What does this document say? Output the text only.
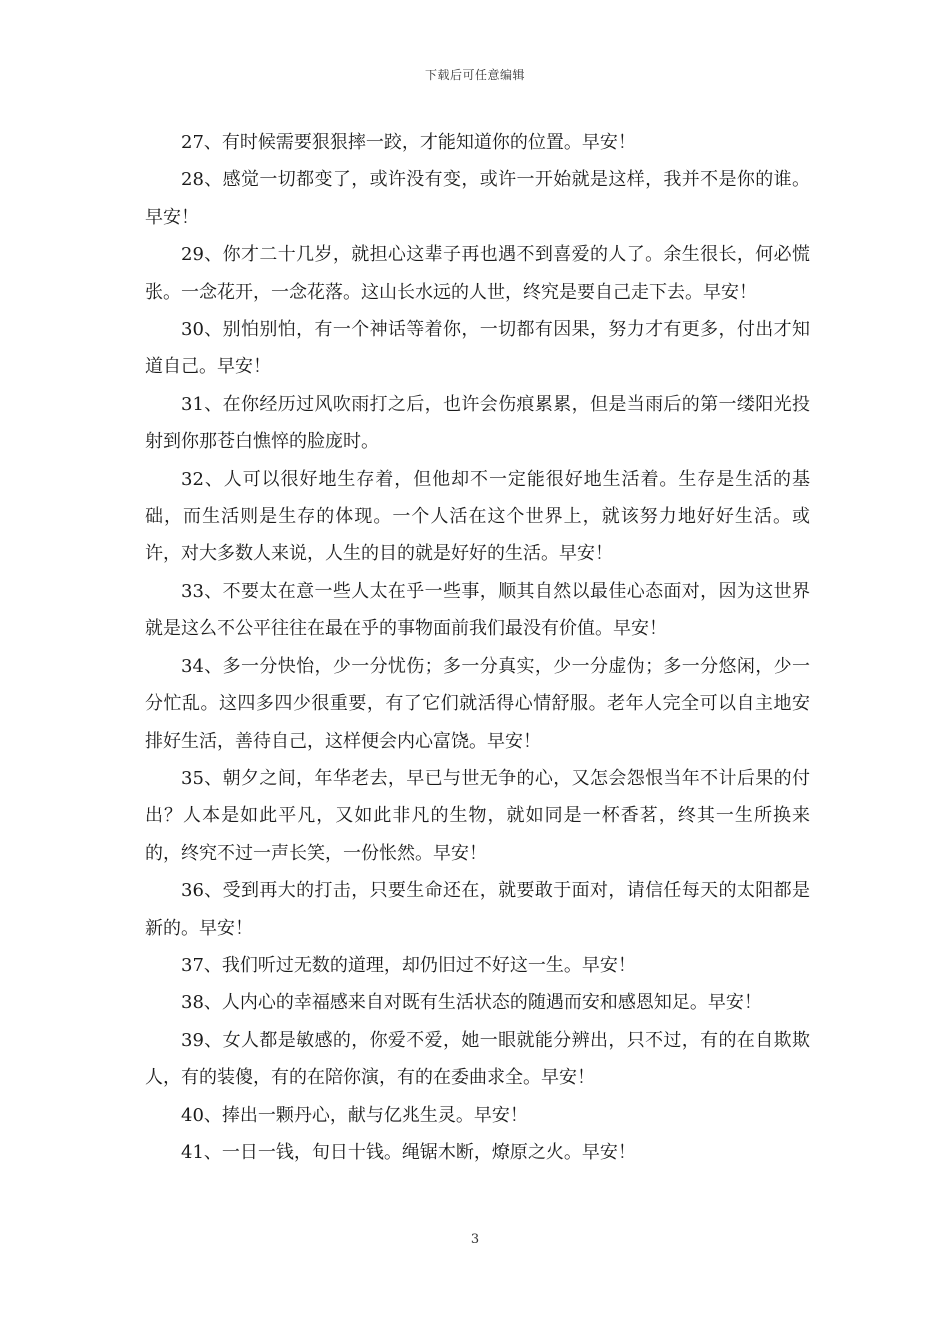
下载后可任意编辑

27、有时候需要狠狠摔一跤，才能知道你的位置。早安！

28、感觉一切都变了，或许没有变，或许一开始就是这样，我并不是你的谁。早安！

29、你才二十几岁，就担心这辈子再也遇不到喜爱的人了。余生很长，何必慌张。一念花开，一念花落。这山长水远的人世，终究是要自己走下去。早安！

30、别怕别怕，有一个神话等着你，一切都有因果，努力才有更多，付出才知道自己。早安！

31、在你经历过风吹雨打之后，也许会伤痕累累，但是当雨后的第一缕阳光投射到你那苍白憔悴的脸庞时。

32、人可以很好地生存着，但他却不一定能很好地生活着。生存是生活的基础，而生活则是生存的体现。一个人活在这个世界上，就该努力地好好生活。或许，对大多数人来说，人生的目的就是好好的生活。早安！

33、不要太在意一些人太在乎一些事，顺其自然以最佳心态面对，因为这世界就是这么不公平往往在最在乎的事物面前我们最没有价值。早安！

34、多一分快怡，少一分忧伤；多一分真实，少一分虚伪；多一分悠闲，少一分忙乱。这四多四少很重要，有了它们就活得心情舒服。老年人完全可以自主地安排好生活，善待自己，这样便会内心富饶。早安！

35、朝夕之间，年华老去，早已与世无争的心，又怎会怨恨当年不计后果的付出？人本是如此平凡，又如此非凡的生物，就如同是一杯香茗，终其一生所换来的，终究不过一声长笑，一份怅然。早安！

36、受到再大的打击，只要生命还在，就要敢于面对，请信任每天的太阳都是新的。早安！

37、我们听过无数的道理，却仍旧过不好这一生。早安！

38、人内心的幸福感来自对既有生活状态的随遇而安和感恩知足。早安！

39、女人都是敏感的，你爱不爱，她一眼就能分辨出，只不过，有的在自欺欺人，有的装傻，有的在陪你演，有的在委曲求全。早安！

40、捧出一颗丹心，献与亿兆生灵。早安！

41、一日一钱，旬日十钱。绳锯木断，燎原之火。早安！

3
